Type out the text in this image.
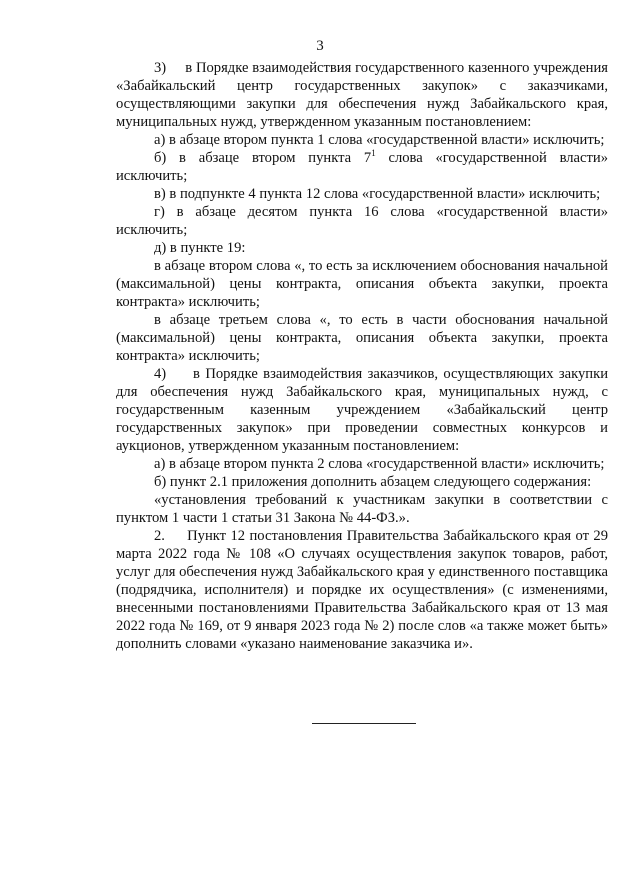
3

3)     в Порядке взаимодействия государственного казенного учреждения «Забайкальский центр государственных закупок» с заказчиками, осуществляющими закупки для обеспечения нужд Забайкальского края, муниципальных нужд, утвержденном указанным постановлением:

а) в абзаце втором пункта 1 слова «государственной власти» исключить;

б) в абзаце втором пункта $7^1$ слова «государственной власти» исключить;

в) в подпункте 4 пункта 12 слова «государственной власти» исключить;

г) в абзаце десятом пункта 16 слова «государственной власти» исключить;

д) в пункте 19:

в абзаце втором слова «, то есть за исключением обоснования начальной (максимальной) цены контракта, описания объекта закупки, проекта контракта» исключить;

в абзаце третьем слова «, то есть в части обоснования начальной (максимальной) цены контракта, описания объекта закупки, проекта контракта» исключить;

4)     в Порядке взаимодействия заказчиков, осуществляющих закупки для обеспечения нужд Забайкальского края, муниципальных нужд, с государственным казенным учреждением «Забайкальский центр государственных закупок» при проведении совместных конкурсов и аукционов, утвержденном указанным постановлением:

а) в абзаце втором пункта 2 слова «государственной власти» исключить;

б) пункт 2.1 приложения дополнить абзацем следующего содержания:

«установления требований к участникам закупки в соответствии с пунктом 1 части 1 статьи 31 Закона № 44-ФЗ.».

2.     Пункт 12 постановления Правительства Забайкальского края от 29 марта 2022 года № 108 «О случаях осуществления закупок товаров, работ, услуг для обеспечения нужд Забайкальского края у единственного поставщика (подрядчика, исполнителя) и порядке их осуществления» (с изменениями, внесенными постановлениями Правительства Забайкальского края от 13 мая 2022 года № 169, от 9 января 2023 года № 2) после слов «а также может быть» дополнить словами «указано наименование заказчика и».
